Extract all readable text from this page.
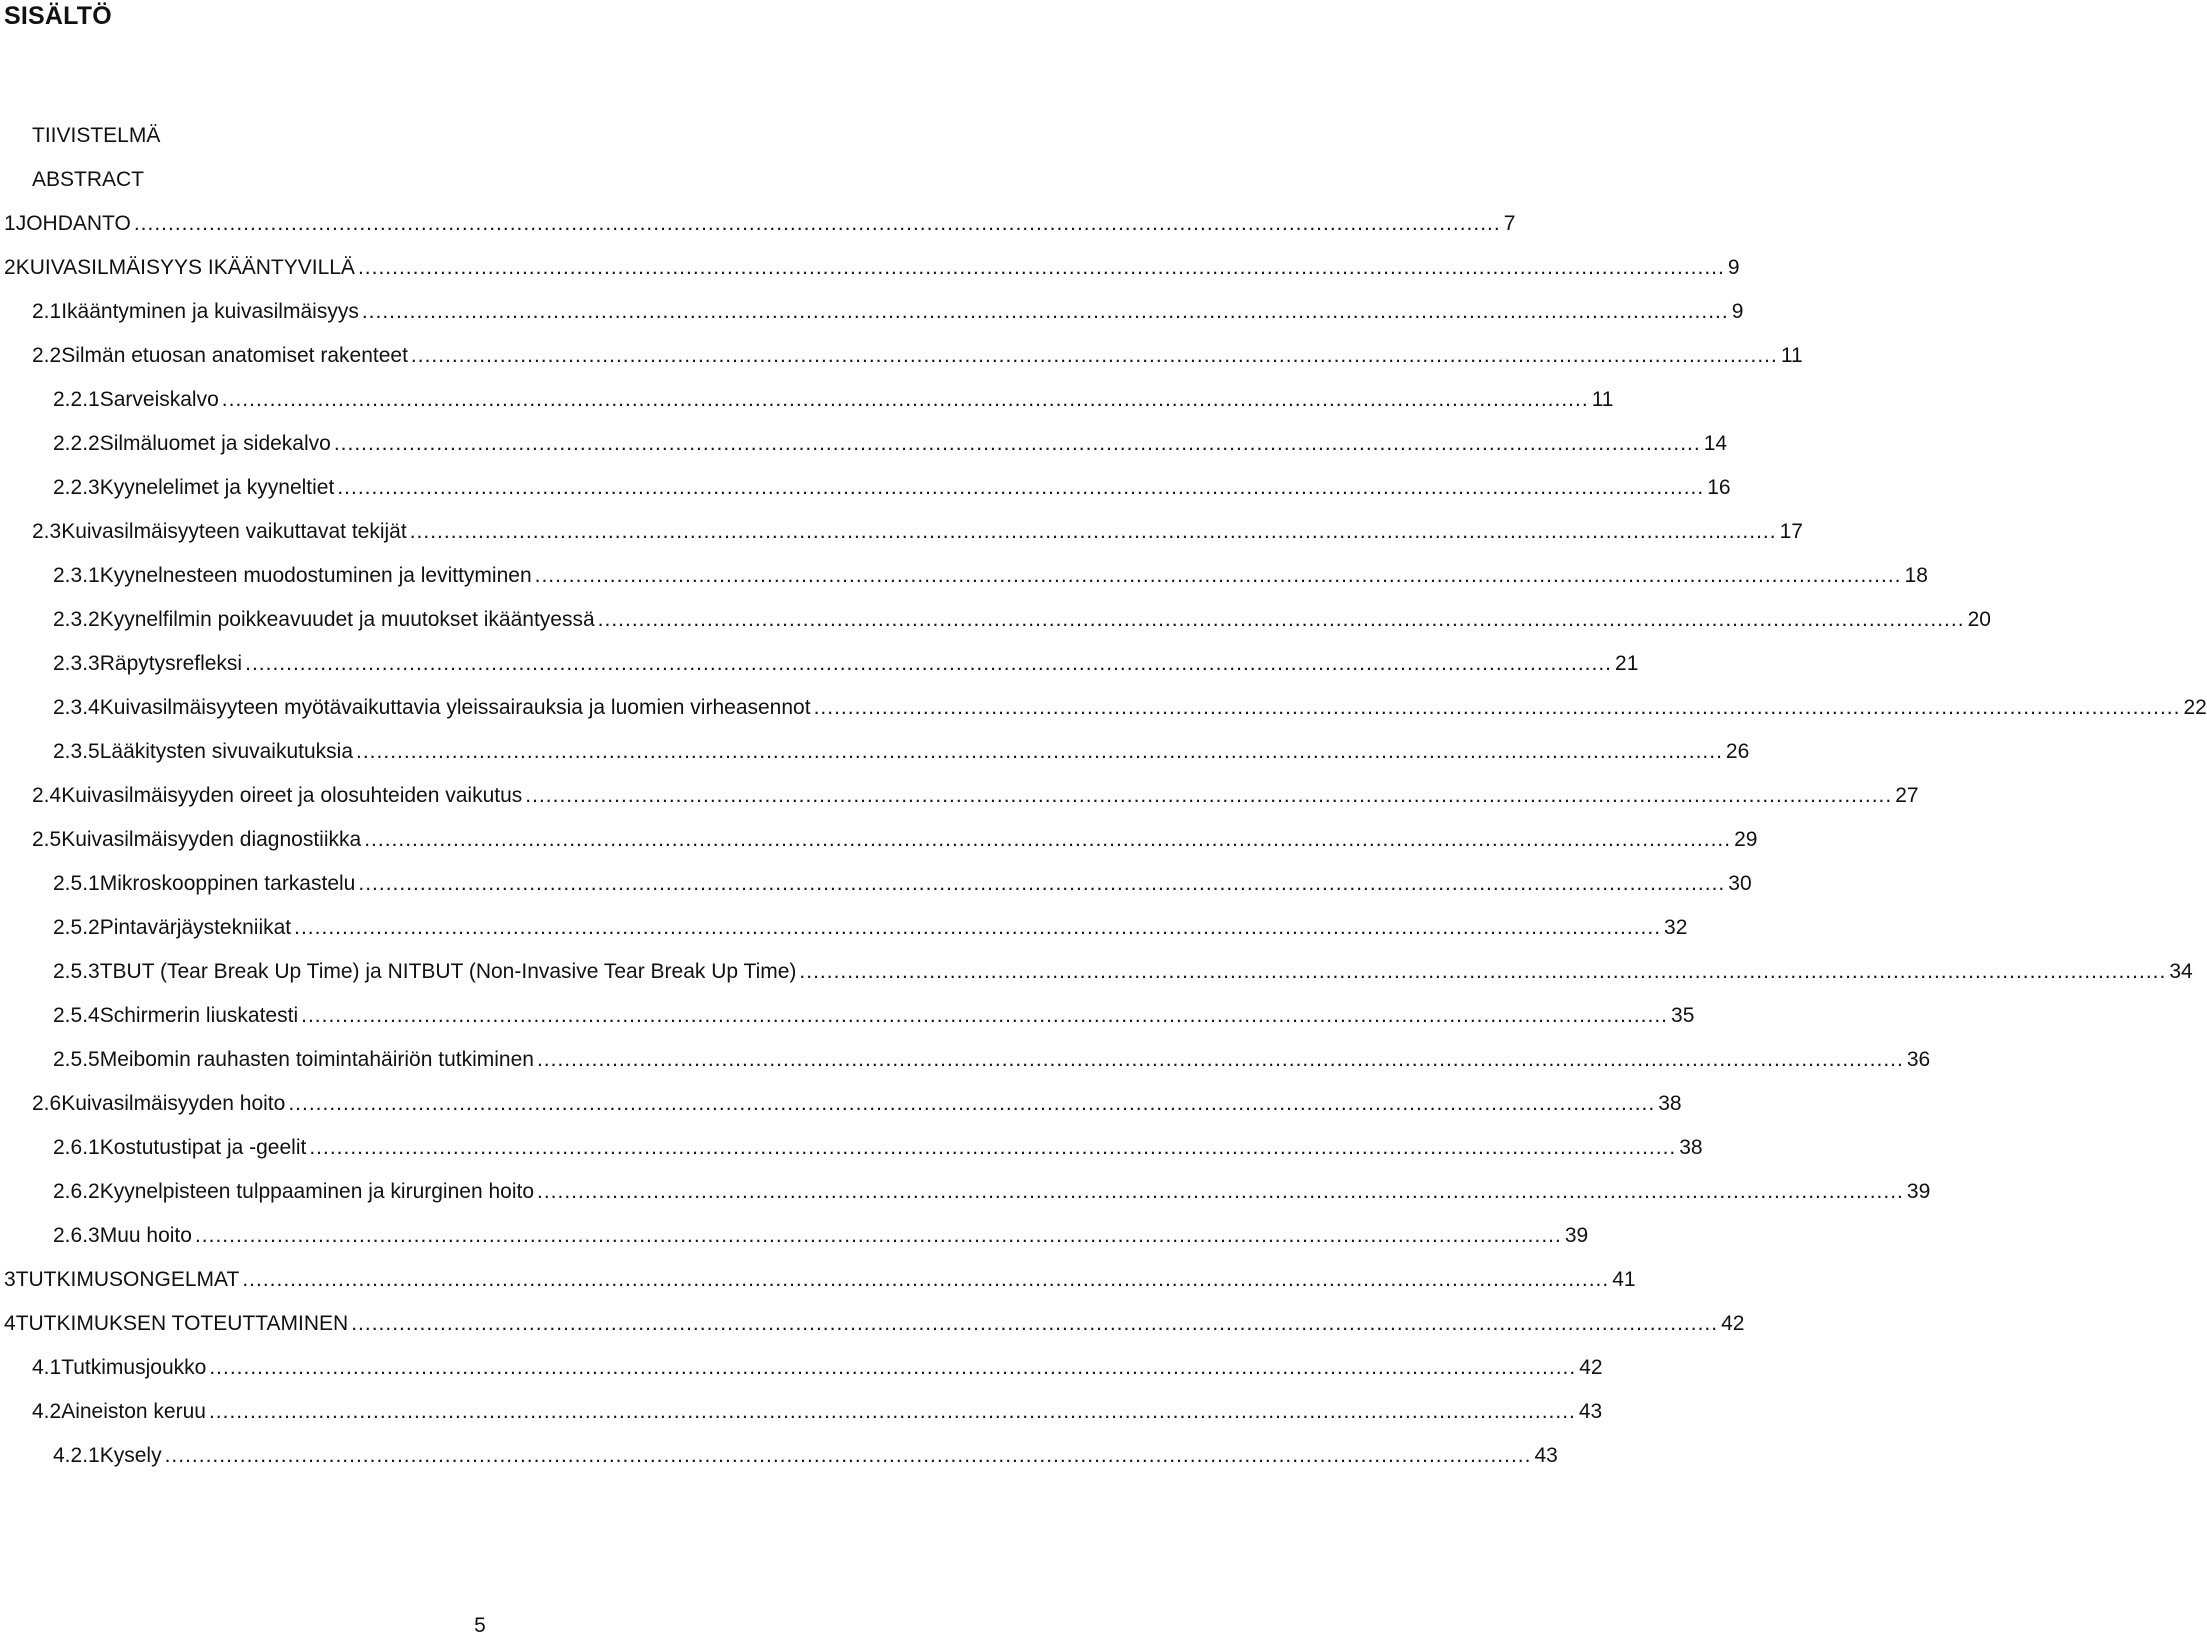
SISÄLTÖ
TIIVISTELMÄ
ABSTRACT
1 JOHDANTO ........................................................................................................................................................................................................ 7
2 KUIVASILMÄISYYS IKÄÄNTYVILLÄ ........................................................................................................................................................................................................ 9
2.1 Ikääntyminen ja kuivasilmäisyys ........................................................................................................................................................................................................ 9
2.2 Silmän etuosan anatomiset rakenteet ........................................................................................................................................................................................................ 11
2.2.1 Sarveiskalvo ........................................................................................................................................................................................................ 11
2.2.2 Silmäluomet ja sidekalvo ........................................................................................................................................................................................................ 14
2.2.3 Kyynelelimet ja kyyneltiet ........................................................................................................................................................................................................ 16
2.3 Kuivasilmäisyyteen vaikuttavat tekijät ........................................................................................................................................................................................................ 17
2.3.1 Kyynelnesteen muodostuminen ja levittyminen ........................................................................................................................................................................................................ 18
2.3.2 Kyynelfilmin poikkeavuudet ja muutokset ikääntyessä ........................................................................................................................................................................................................ 20
2.3.3 Räpytysrefleksi ........................................................................................................................................................................................................ 21
2.3.4 Kuivasilmäisyyteen myötävaikuttavia yleissairauksia ja luomien virheasennot ........................................................................................................................................................................................................ 22
2.3.5 Lääkitysten sivuvaikutuksia ........................................................................................................................................................................................................ 26
2.4 Kuivasilmäisyyden oireet ja olosuhteiden vaikutus ........................................................................................................................................................................................................ 27
2.5 Kuivasilmäisyyden diagnostiikka ........................................................................................................................................................................................................ 29
2.5.1 Mikroskooppinen tarkastelu ........................................................................................................................................................................................................ 30
2.5.2 Pintavärjäystekniikat ........................................................................................................................................................................................................ 32
2.5.3 TBUT (Tear Break Up Time) ja NITBUT (Non-Invasive Tear Break Up Time) ........................................................................................................................................................................................................ 34
2.5.4 Schirmerin liuskatesti ........................................................................................................................................................................................................ 35
2.5.5 Meibomin rauhasten toimintahäiriön tutkiminen ........................................................................................................................................................................................................ 36
2.6 Kuivasilmäisyyden hoito ........................................................................................................................................................................................................ 38
2.6.1 Kostutustipat ja -geelit ........................................................................................................................................................................................................ 38
2.6.2 Kyynelpisteen tulppaaminen ja kirurginen hoito ........................................................................................................................................................................................................ 39
2.6.3 Muu hoito ........................................................................................................................................................................................................ 39
3 TUTKIMUSONGELMAT ........................................................................................................................................................................................................ 41
4 TUTKIMUKSEN TOTEUTTAMINEN ........................................................................................................................................................................................................ 42
4.1 Tutkimusjoukko ........................................................................................................................................................................................................ 42
4.2 Aineiston keruu ........................................................................................................................................................................................................ 43
4.2.1 Kysely ........................................................................................................................................................................................................ 43
5
